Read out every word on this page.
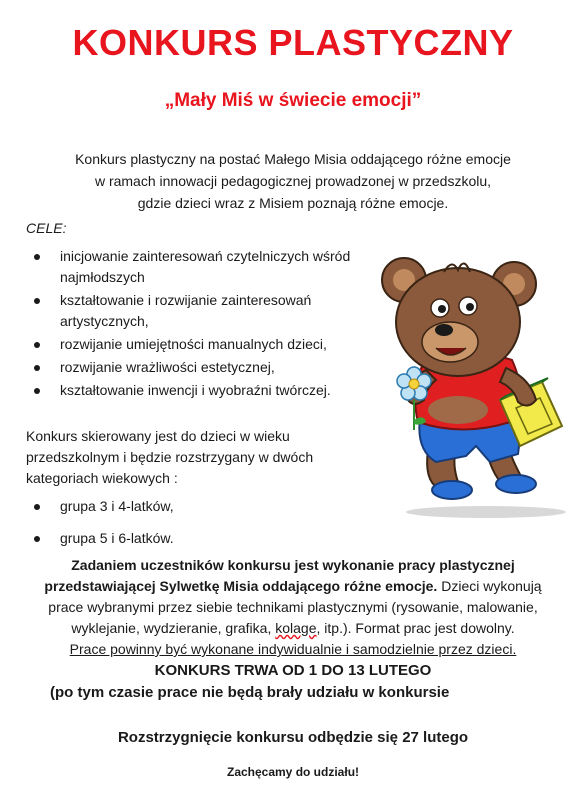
KONKURS PLASTYCZNY
„Mały Miś w świecie emocji”
Konkurs plastyczny na postać Małego Misia oddającego różne emocje
w ramach innowacji pedagogicznej prowadzonej w przedszkolu,
gdzie dzieci wraz z Misiem poznają różne emocje.
CELE:
inicjowanie zainteresowań czytelniczych wśród
najmłodszych
kształtowanie i rozwijanie zainteresowań
artystycznych,
rozwijanie umiejętności manualnych dzieci,
rozwijanie wrażliwości estetycznej,
kształtowanie inwencji i wyobraźni twórczej.
Konkurs skierowany jest do dzieci w wieku
przedszkolnym i będzie rozstrzygany w dwóch
kategoriach wiekowych :
grupa 3 i 4-latków,
grupa 5 i 6-latków.
Zadaniem uczestników konkursu jest wykonanie pracy plastycznej
przedstawiającej Sylwetkę Misia oddającego różne emocje. Dzieci wykonują
prace wybranymi przez siebie technikami plastycznymi (rysowanie, malowanie,
wyklejanie, wydzieranie, grafika, kolage, itp.). Format prac jest dowolny.
Prace powinny być wykonane indywidualnie i samodzielnie przez dzieci.
KONKURS TRWA OD 1 DO 13 LUTEGO
(po tym czasie prace nie będą brały udziału w konkursie
Rozstrzygnięcie konkursu odbędzie się 27 lutego
Zachęcamy do udziału!
